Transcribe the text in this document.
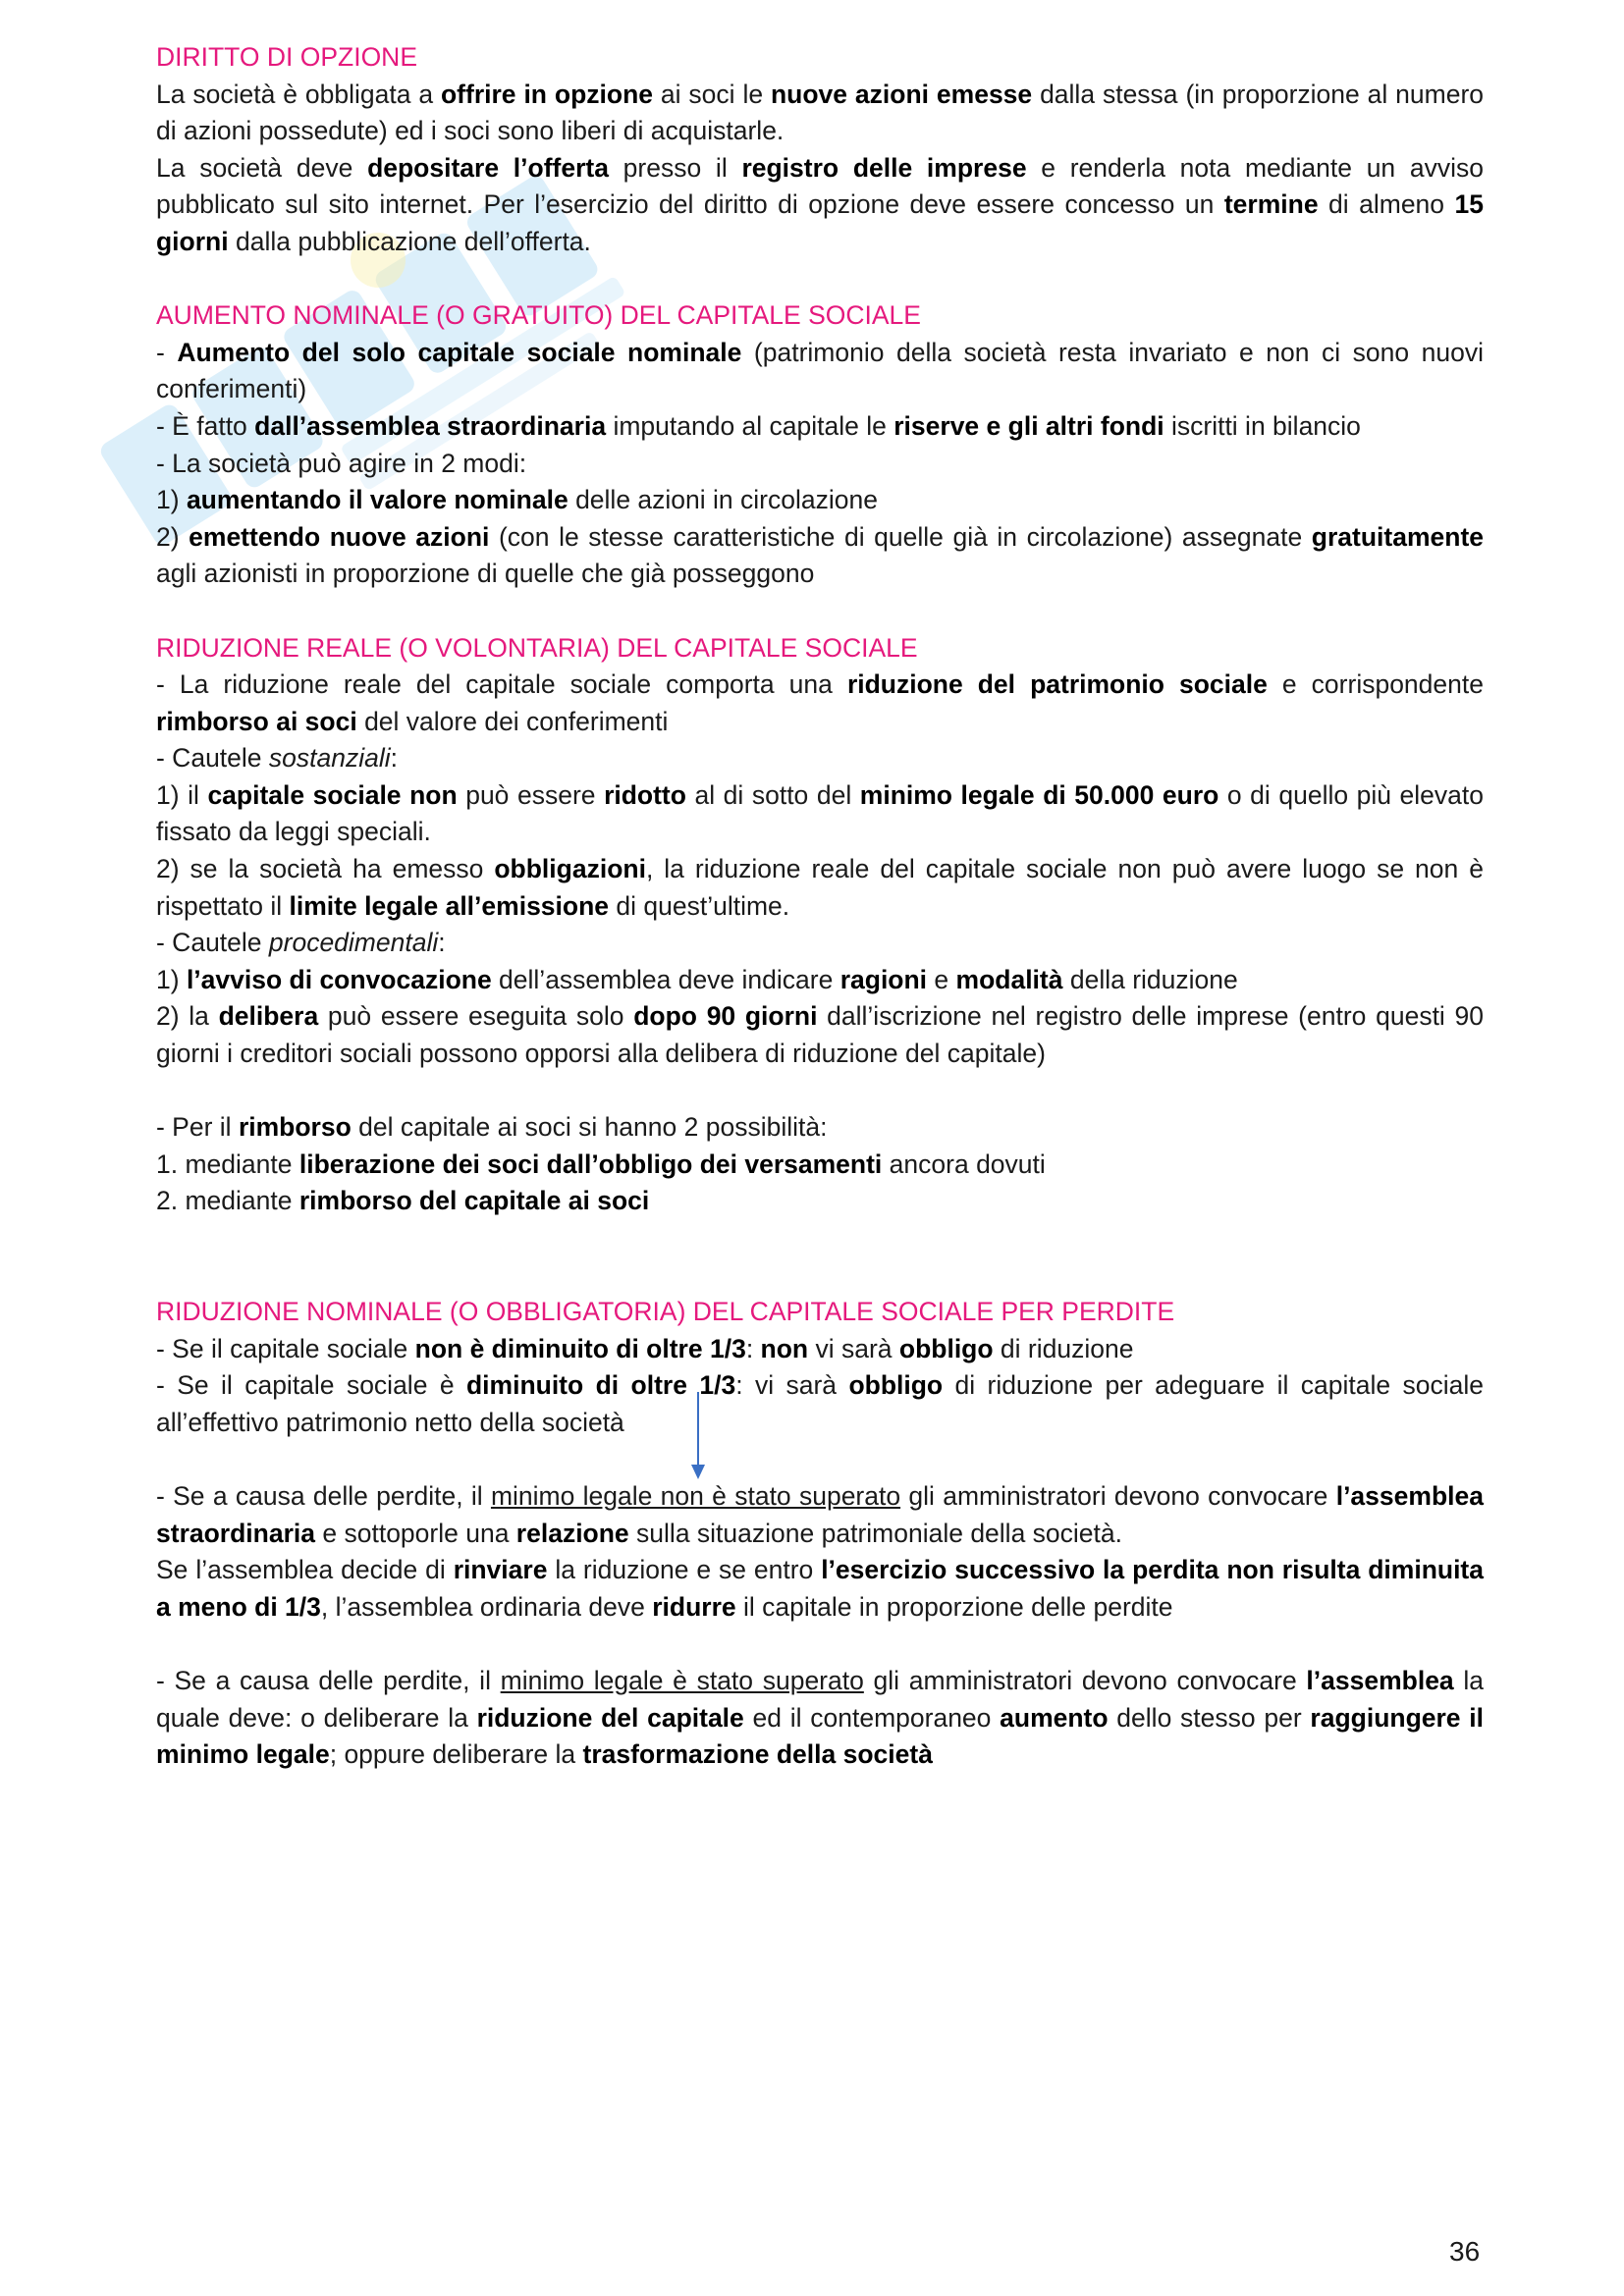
DIRITTO DI OPZIONE

La società è obbligata a offrire in opzione ai soci le nuove azioni emesse dalla stessa (in proporzione al numero di azioni possedute) ed i soci sono liberi di acquistarle.

La società deve depositare l’offerta presso il registro delle imprese e renderla nota mediante un avviso pubblicato sul sito internet. Per l’esercizio del diritto di opzione deve essere concesso un termine di almeno 15 giorni dalla pubblicazione dell’offerta.

AUMENTO NOMINALE (O GRATUITO) DEL CAPITALE SOCIALE

- Aumento del solo capitale sociale nominale (patrimonio della società resta invariato e non ci sono nuovi conferimenti)

- È fatto dall’assemblea straordinaria imputando al capitale le riserve e gli altri fondi iscritti in bilancio

- La società può agire in 2 modi:

1) aumentando il valore nominale delle azioni in circolazione

2) emettendo nuove azioni (con le stesse caratteristiche di quelle già in circolazione) assegnate gratuitamente agli azionisti in proporzione di quelle che già posseggono

RIDUZIONE REALE (O VOLONTARIA) DEL CAPITALE SOCIALE

- La riduzione reale del capitale sociale comporta una riduzione del patrimonio sociale e corrispondente rimborso ai soci del valore dei conferimenti

- Cautele sostanziali:

1) il capitale sociale non può essere ridotto al di sotto del minimo legale di 50.000 euro o di quello più elevato fissato da leggi speciali.

2) se la società ha emesso obbligazioni, la riduzione reale del capitale sociale non può avere luogo se non è rispettato il limite legale all’emissione di quest’ultime.

- Cautele procedimentali:

1) l’avviso di convocazione dell’assemblea deve indicare ragioni e modalità della riduzione

2) la delibera può essere eseguita solo dopo 90 giorni dall’iscrizione nel registro delle imprese (entro questi 90 giorni i creditori sociali possono opporsi alla delibera di riduzione del capitale)

- Per il rimborso del capitale ai soci si hanno 2 possibilità:

1. mediante liberazione dei soci dall’obbligo dei versamenti ancora dovuti

2. mediante rimborso del capitale ai soci

RIDUZIONE NOMINALE (O OBBLIGATORIA) DEL CAPITALE SOCIALE PER PERDITE

- Se il capitale sociale non è diminuito di oltre 1/3: non vi sarà obbligo di riduzione

- Se il capitale sociale è diminuito di oltre 1/3: vi sarà obbligo di riduzione per adeguare il capitale sociale all’effettivo patrimonio netto della società

- Se a causa delle perdite, il minimo legale non è stato superato gli amministratori devono convocare l’assemblea straordinaria e sottoporle una relazione sulla situazione patrimoniale della società.

Se l’assemblea decide di rinviare la riduzione e se entro l’esercizio successivo la perdita non risulta diminuita a meno di 1/3, l’assemblea ordinaria deve ridurre il capitale in proporzione delle perdite

- Se a causa delle perdite, il minimo legale è stato superato gli amministratori devono convocare l’assemblea la quale deve: o deliberare la riduzione del capitale ed il contemporaneo aumento dello stesso per raggiungere il minimo legale; oppure deliberare la trasformazione della società

36
